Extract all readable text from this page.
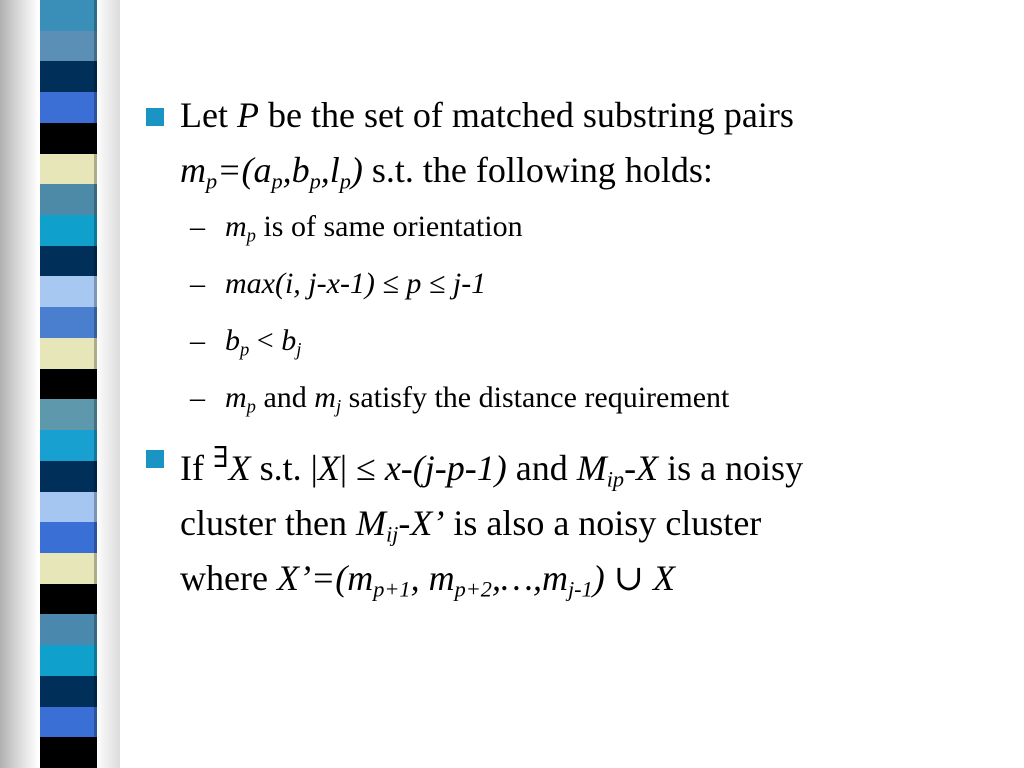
Let P be the set of matched substring pairs
$m_p=(a_p,b_p,l_p)$ s.t. the following holds:
– $m_p$ is of same orientation
– max(i, j-x-1) ≤ p ≤ j-1
– $b_p < b_j$
– $m_p$ and $m_j$ satisfy the distance requirement
If ∃X s.t. |X| ≤ x-(j-p-1) and $M_{ip}-X$ is a noisy
cluster then $M_{ij}-X$’ is also a noisy cluster
where $X’=(m_{p+1}$, $m_{p+2},\dots,m_{j-1}$) ∪ X
